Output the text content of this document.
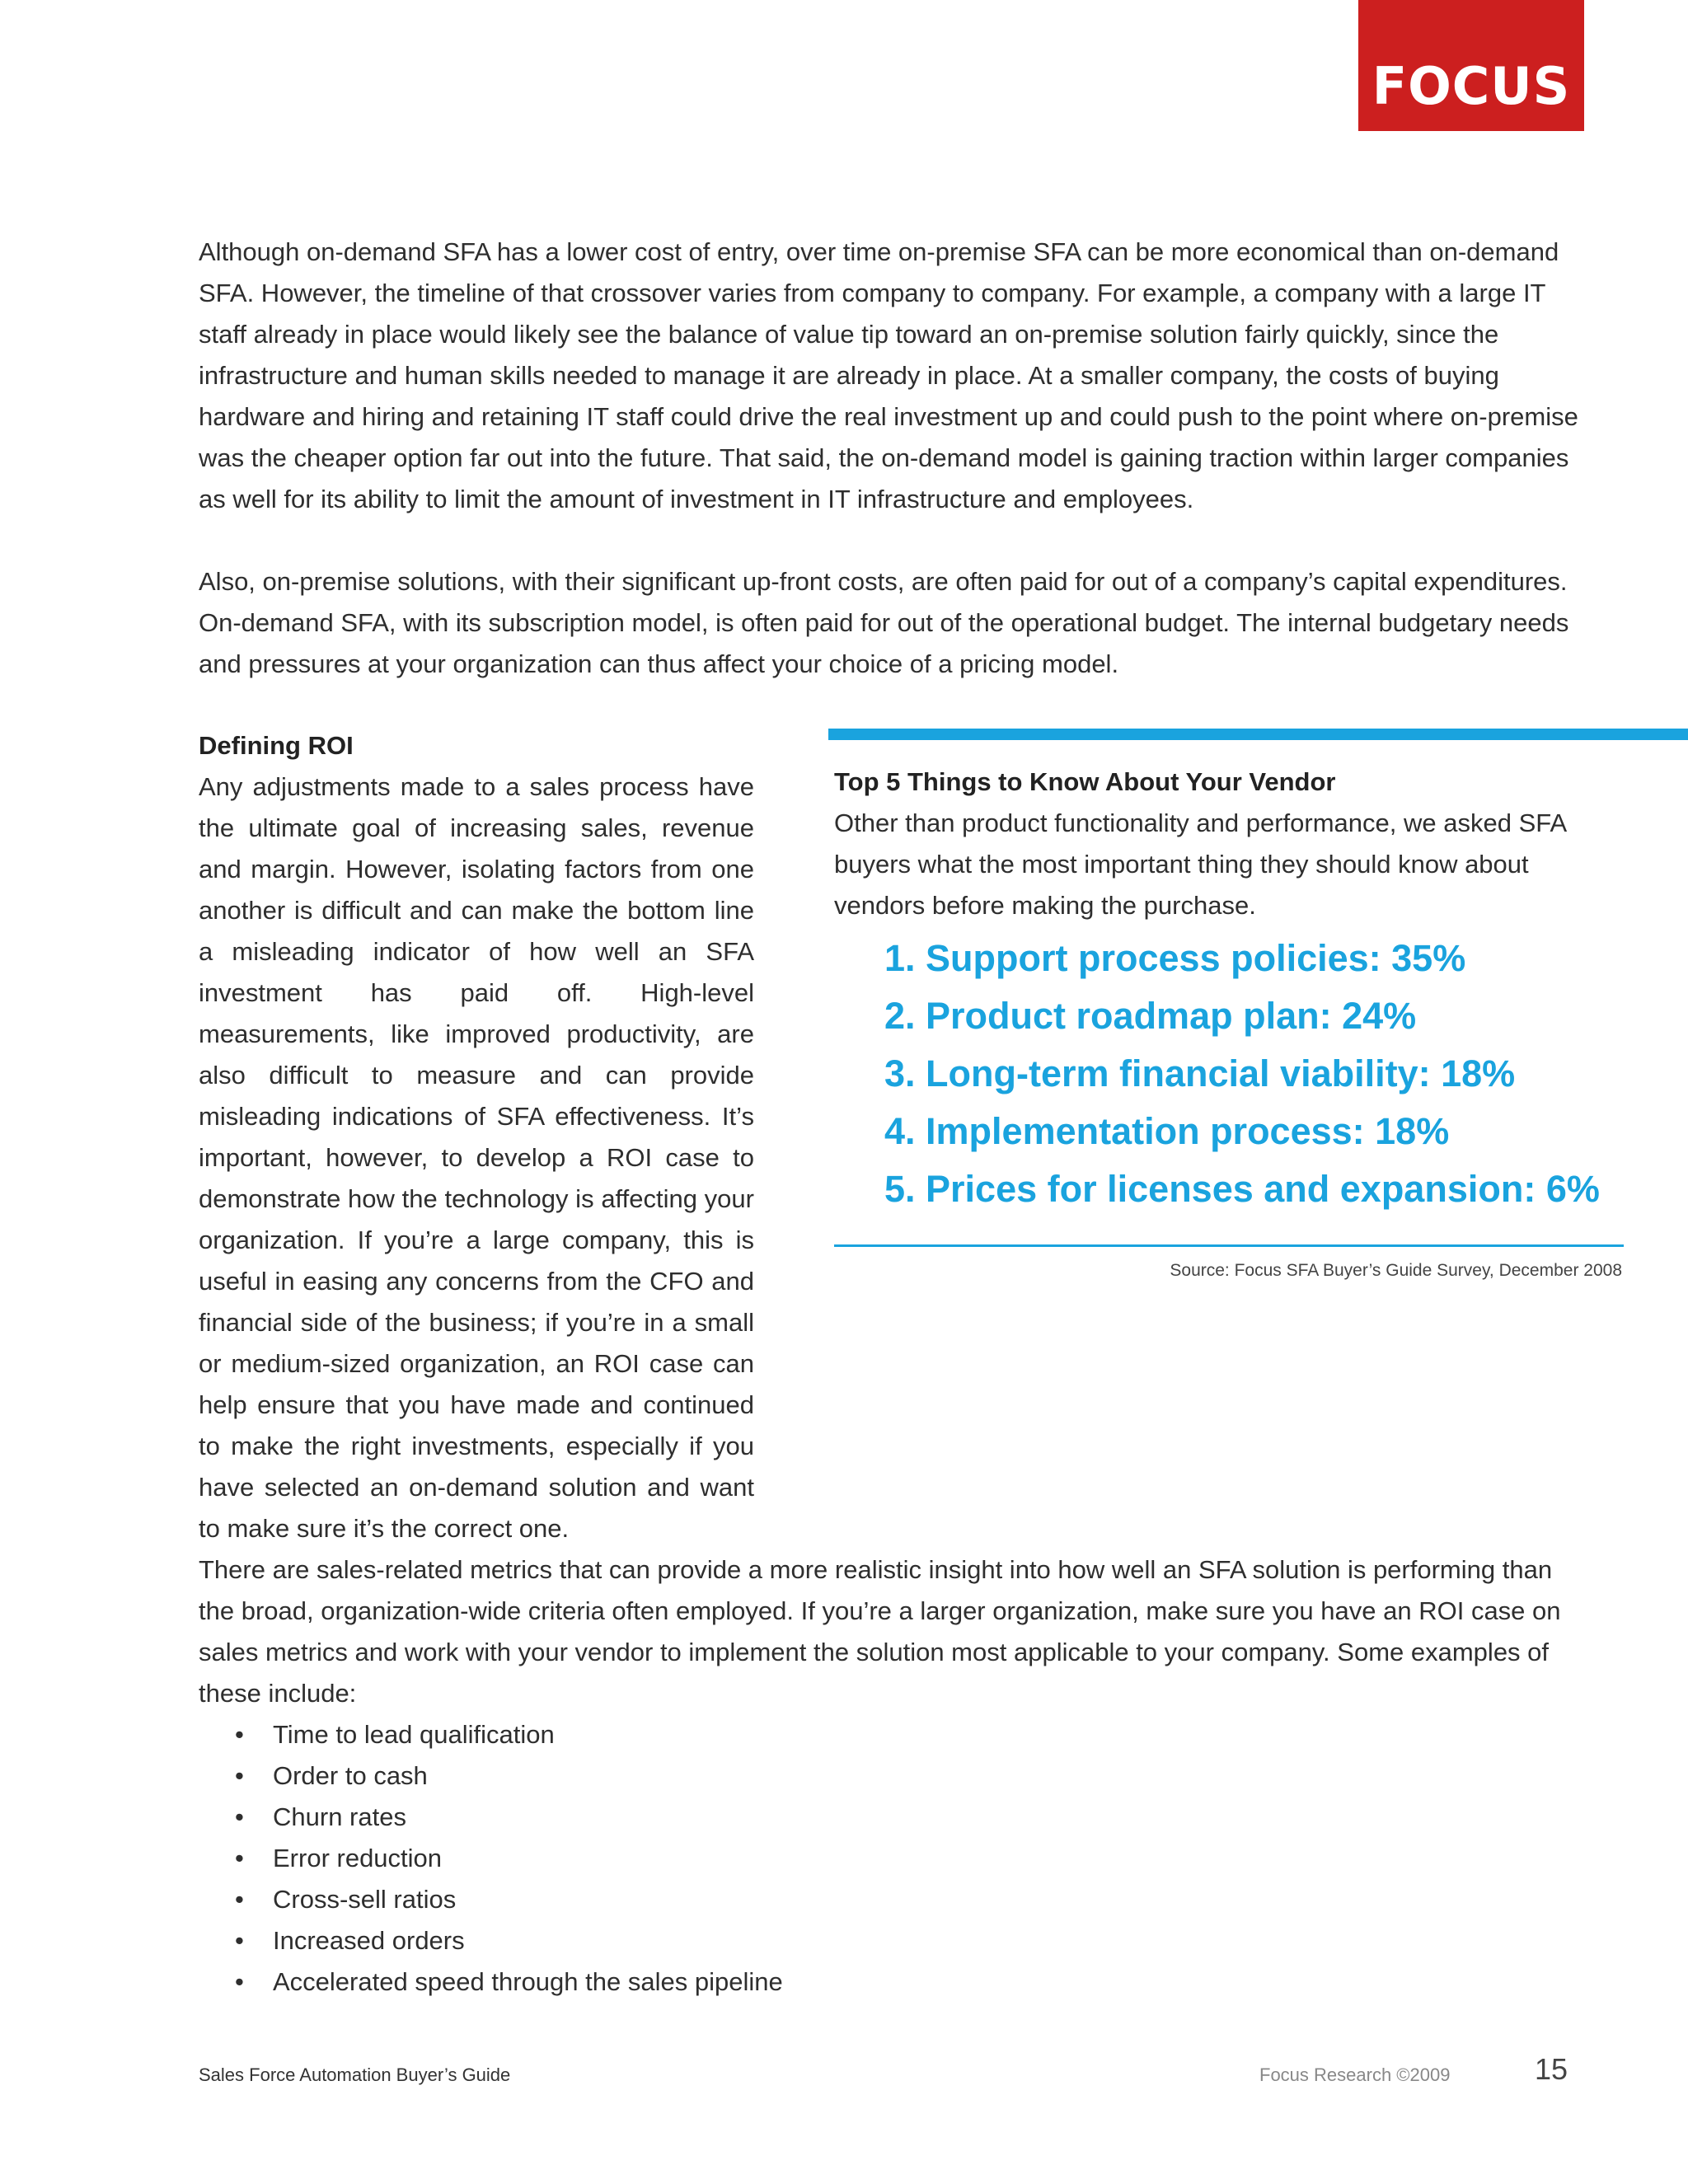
FOCUS

Although on-demand SFA has a lower cost of entry, over time on-premise SFA can be more economical than on-demand SFA. However, the timeline of that crossover varies from company to company. For example, a company with a large IT staff already in place would likely see the balance of value tip toward an on-premise solution fairly quickly, since the infrastructure and human skills needed to manage it are already in place. At a smaller company, the costs of buying hardware and hiring and retaining IT staff could drive the real investment up and could push to the point where on-premise was the cheaper option far out into the future. That said, the on-demand model is gaining traction within larger companies as well for its ability to limit the amount of investment in IT infrastructure and employees.

Also, on-premise solutions, with their significant up-front costs, are often paid for out of a company’s capital expenditures. On-demand SFA, with its subscription model, is often paid for out of the operational budget. The internal budgetary needs and pressures at your organization can thus affect your choice of a pricing model.

Defining ROI

Any adjustments made to a sales process have the ultimate goal of increasing sales, revenue and margin. However, isolating factors from one another is difficult and can make the bottom line a misleading indicator of how well an SFA investment has paid off. High-level measurements, like improved productivity, are also difficult to measure and can provide misleading indications of SFA effectiveness. It’s important, however, to develop a ROI case to demonstrate how the technology is affecting your organization. If you’re a large company, this is useful in easing any concerns from the CFO and financial side of the business; if you’re in a small or medium-sized organization, an ROI case can help ensure that you have made and continued to make the right investments, especially if you have selected an on-demand solution and want to make sure it’s the correct one.

Top 5 Things to Know About Your Vendor

Other than product functionality and performance, we asked SFA buyers what the most important thing they should know about vendors before making the purchase.

1. Support process policies: 35%
2. Product roadmap plan: 24%
3. Long-term financial viability: 18%
4. Implementation process: 18%
5. Prices for licenses and expansion: 6%
Source: Focus SFA Buyer’s Guide Survey, December 2008

There are sales-related metrics that can provide a more realistic insight into how well an SFA solution is performing than the broad, organization-wide criteria often employed. If you’re a larger organization, make sure you have an ROI case on sales metrics and work with your vendor to implement the solution most applicable to your company. Some examples of these include:

• Time to lead qualification
• Order to cash
• Churn rates
• Error reduction
• Cross-sell ratios
• Increased orders
• Accelerated speed through the sales pipeline
Sales Force Automation Buyer’s Guide	Focus Research ©2009	15
